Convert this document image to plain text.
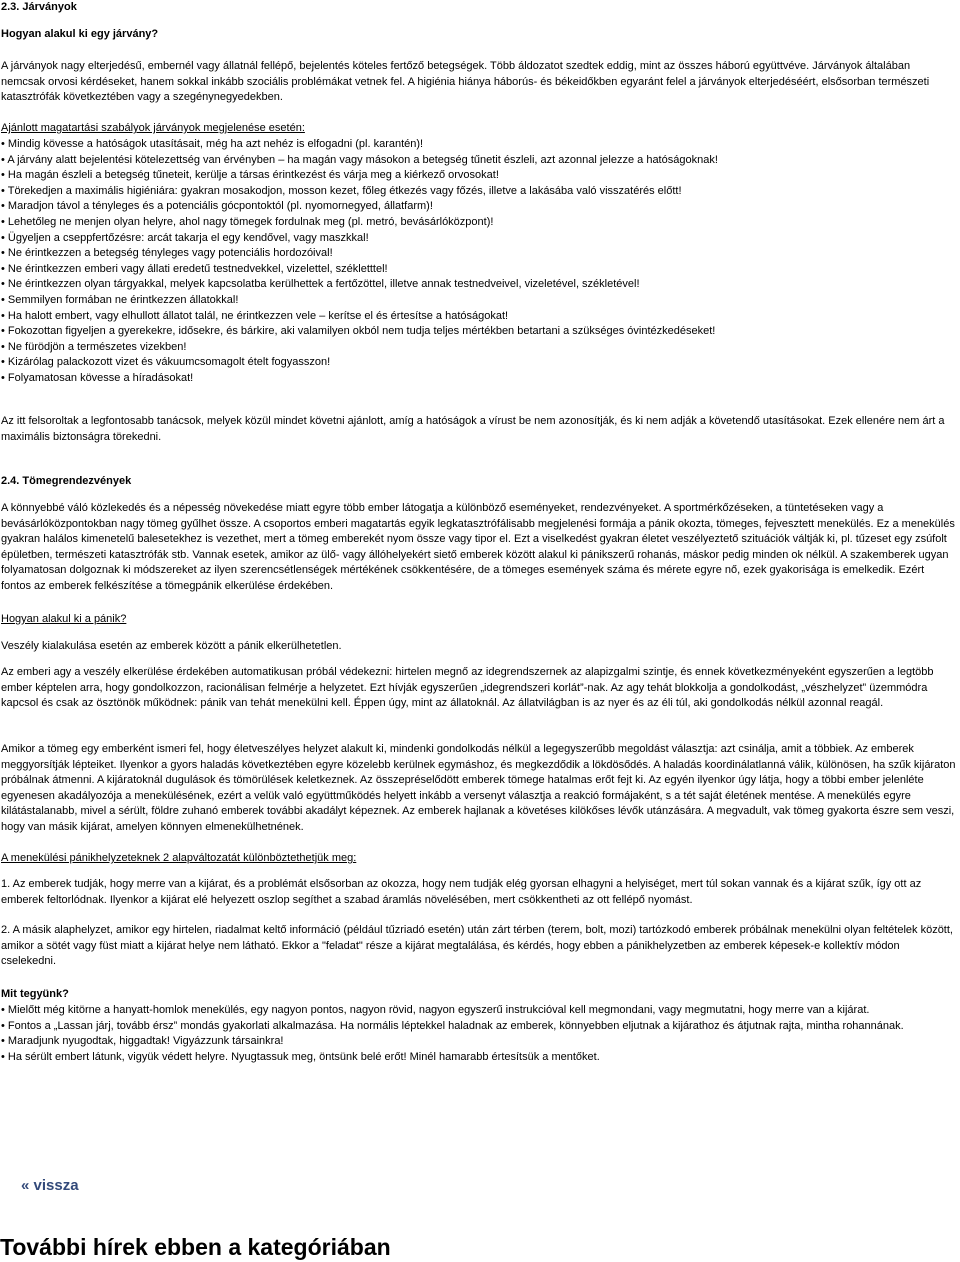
2.3. Járványok
Hogyan alakul ki egy járvány?

A járványok nagy elterjedésű, embernél vagy állatnál fellépő, bejelentés köteles fertőző betegségek. Több áldozatot szedtek eddig, mint az összes háború együttvéve. Járványok általában nemcsak orvosi kérdéseket, hanem sokkal inkább szociális problémákat vetnek fel. A higiénia hiánya háborús- és békeidőkben egyaránt felel a járványok elterjedéséért, elsősorban természeti katasztrófák következtében vagy a szegénynegyedekben.

Ajánlott magatartási szabályok járványok megjelenése esetén:
• Mindig kövesse a hatóságok utasításait, még ha azt nehéz is elfogadni (pl. karantén)!
• A járvány alatt bejelentési kötelezettség van érvényben – ha magán vagy másokon a betegség tűnetit észleli, azt azonnal jelezze a hatóságoknak!
• Ha magán észleli a betegség tűneteit, kerülje a társas érintkezést és várja meg a kiérkező orvosokat!
• Törekedjen a maximális higiéniára: gyakran mosakodjon, mosson kezet, főleg étkezés vagy főzés, illetve a lakásába való visszatérés előtt!
• Maradjon távol a tényleges és a potenciális gócpontoktól (pl. nyomornegyed, állatfarm)!
• Lehetőleg ne menjen olyan helyre, ahol nagy tömegek fordulnak meg (pl. metró, bevásárlóközpont)!
• Ügyeljen a cseppfertőzésre: arcát takarja el egy kendővel, vagy maszkkal!
• Ne érintkezzen a betegség tényleges vagy potenciális hordozóival!
• Ne érintkezzen emberi vagy állati eredetű testnedvekkel, vizelettel, székletttel!
• Ne érintkezzen olyan tárgyakkal, melyek kapcsolatba kerülhettek a fertőzöttel, illetve annak testnedveivel, vizeletével, székletével!
• Semmilyen formában ne érintkezzen állatokkal!
• Ha halott embert, vagy elhullott állatot talál, ne érintkezzen vele – kerítse el és értesítse a hatóságokat!
• Fokozottan figyeljen a gyerekekre, idősekre, és bárkire, aki valamilyen okból nem tudja teljes mértékben betartani a szükséges óvintézkedéseket!
• Ne fürödjön a természetes vizekben!
• Kizárólag palackozott vizet és vákuumcsomagolt ételt fogyasszon!
• Folyamatosan kövesse a híradásokat!

Az itt felsoroltak a legfontosabb tanácsok, melyek közül mindet követni ajánlott, amíg a hatóságok a vírust be nem azonosítják, és ki nem adják a követendő utasításokat. Ezek ellenére nem árt a maximális biztonságra törekedni.

2.4. Tömegrendezvények

A könnyebbé váló közlekedés és a népesség növekedése miatt egyre több ember látogatja a különböző eseményeket, rendezvényeket. A sportmérkőzéseken, a tüntetéseken vagy a bevásárlóközpontokban nagy tömeg gyűlhet össze. A csoportos emberi magatartás egyik legkatasztrófálisabb megjelenési formája a pánik okozta, tömeges, fejvesztett menekülés. Ez a menekülés gyakran halálos kimenetelű balesetekhez is vezethet, mert a tömeg emberekét nyom össze vagy tipor el. Ezt a viselkedést gyakran életet veszélyeztető szituációk váltják ki, pl. tűzeset egy zsúfolt épületben, természeti katasztrófák stb. Vannak esetek, amikor az ülő- vagy állóhelyekért siető emberek között alakul ki pánikszerű rohanás, máskor pedig minden ok nélkül. A szakemberek ugyan folyamatosan dolgoznak ki módszereket az ilyen szerencsétlenségek mértékének csökkentésére, de a tömeges események száma és mérete egyre nő, ezek gyakorisága is emelkedik. Ezért fontos az emberek felkészítése a tömegpánik elkerülése érdekében.

Hogyan alakul ki a pánik?

Veszély kialakulása esetén az emberek között a pánik elkerülhetetlen.

Az emberi agy a veszély elkerülése érdekében automatikusan próbál védekezni: hirtelen megnő az idegrendszernek az alapizgalmi szintje, és ennek következményeként egyszerűen a legtöbb ember képtelen arra, hogy gondolkozzon, racionálisan felmérje a helyzetet. Ezt hívják egyszerűen „idegrendszeri korlát”-nak. Az agy tehát blokkolja a gondolkodást, „vészhelyzet” üzemmódra kapcsol és csak az ösztönök működnek: pánik van tehát menekülni kell. Éppen úgy, mint az állatoknál. Az állatvilágban is az nyer és az éli túl, aki gondolkodás nélkül azonnal reagál.

Amikor a tömeg egy emberként ismeri fel, hogy életveszélyes helyzet alakult ki, mindenki gondolkodás nélkül a legegyszerűbb megoldást választja: azt csinálja, amit a többiek. Az emberek meggyorsítják lépteiket. Ilyenkor a gyors haladás következtében egyre közelebb kerülnek egymáshoz, és megkezdődik a lökdösődés. A haladás koordinálatlanná válik, különösen, ha szűk kijáraton próbálnak átmenni. A kijáratoknál dugulások és tömörülések keletkeznek. Az összepréselődött emberek tömege hatalmas erőt fejt ki. Az egyén ilyenkor úgy látja, hogy a többi ember jelenléte egyenesen akadályozója a menekülésének, ezért a velük való együttműködés helyett inkább a versenyt választja a reakció formájaként, s a tét saját életének mentése. A menekülés egyre kilátástalanabb, mivel a sérült, földre zuhanó emberek további akadályt képeznek. Az emberek hajlanak a követéses kilökőses lévők utánzására. A megvadult, vak tömeg gyakorta észre sem veszi, hogy van másik kijárat, amelyen könnyen elmenekülhetnének.

A menekülési pánikhelyzeteknek 2 alapváltozatát különböztethetjük meg:

1. Az emberek tudják, hogy merre van a kijárat, és a problémát elsősorban az okozza, hogy nem tudják elég gyorsan elhagyni a helyiséget, mert túl sokan vannak és a kijárat szűk, így ott az emberek feltorlódnak. Ilyenkor a kijárat elé helyezett oszlop segíthet a szabad áramlás növelésében, mert csökkentheti az ott fellépő nyomást.

2. A másik alaphelyzet, amikor egy hirtelen, riadalmat keltő információ (például tűzriadó esetén) után zárt térben (terem, bolt, mozi) tartózkodó emberek próbálnak menekülni olyan feltételek között, amikor a sötét vagy füst miatt a kijárat helye nem látható. Ekkor a "feladat" része a kijárat megtalálása, és kérdés, hogy ebben a pánikhelyzetben az emberek képesek-e kollektív módon cselekedni.

Mit tegyünk?
• Mielőtt még kitörne a hanyatt-homlok menekülés, egy nagyon pontos, nagyon rövid, nagyon egyszerű instrukcióval kell megmondani, vagy megmutatni, hogy merre van a kijárat.
• Fontos a „Lassan járj, tovább érsz” mondás gyakorlati alkalmazása. Ha normális léptekkel haladnak az emberek, könnyebben eljutnak a kijárathoz és átjutnak rajta, mintha rohannának.
• Maradjunk nyugodtak, higgadtak! Vigyázzunk társainkra!
• Ha sérült embert látunk, vigyük védett helyre. Nyugtassuk meg, öntsünk belé erőt! Minél hamarabb értesítsük a mentőket.
« vissza
További hírek ebben a kategóriában
